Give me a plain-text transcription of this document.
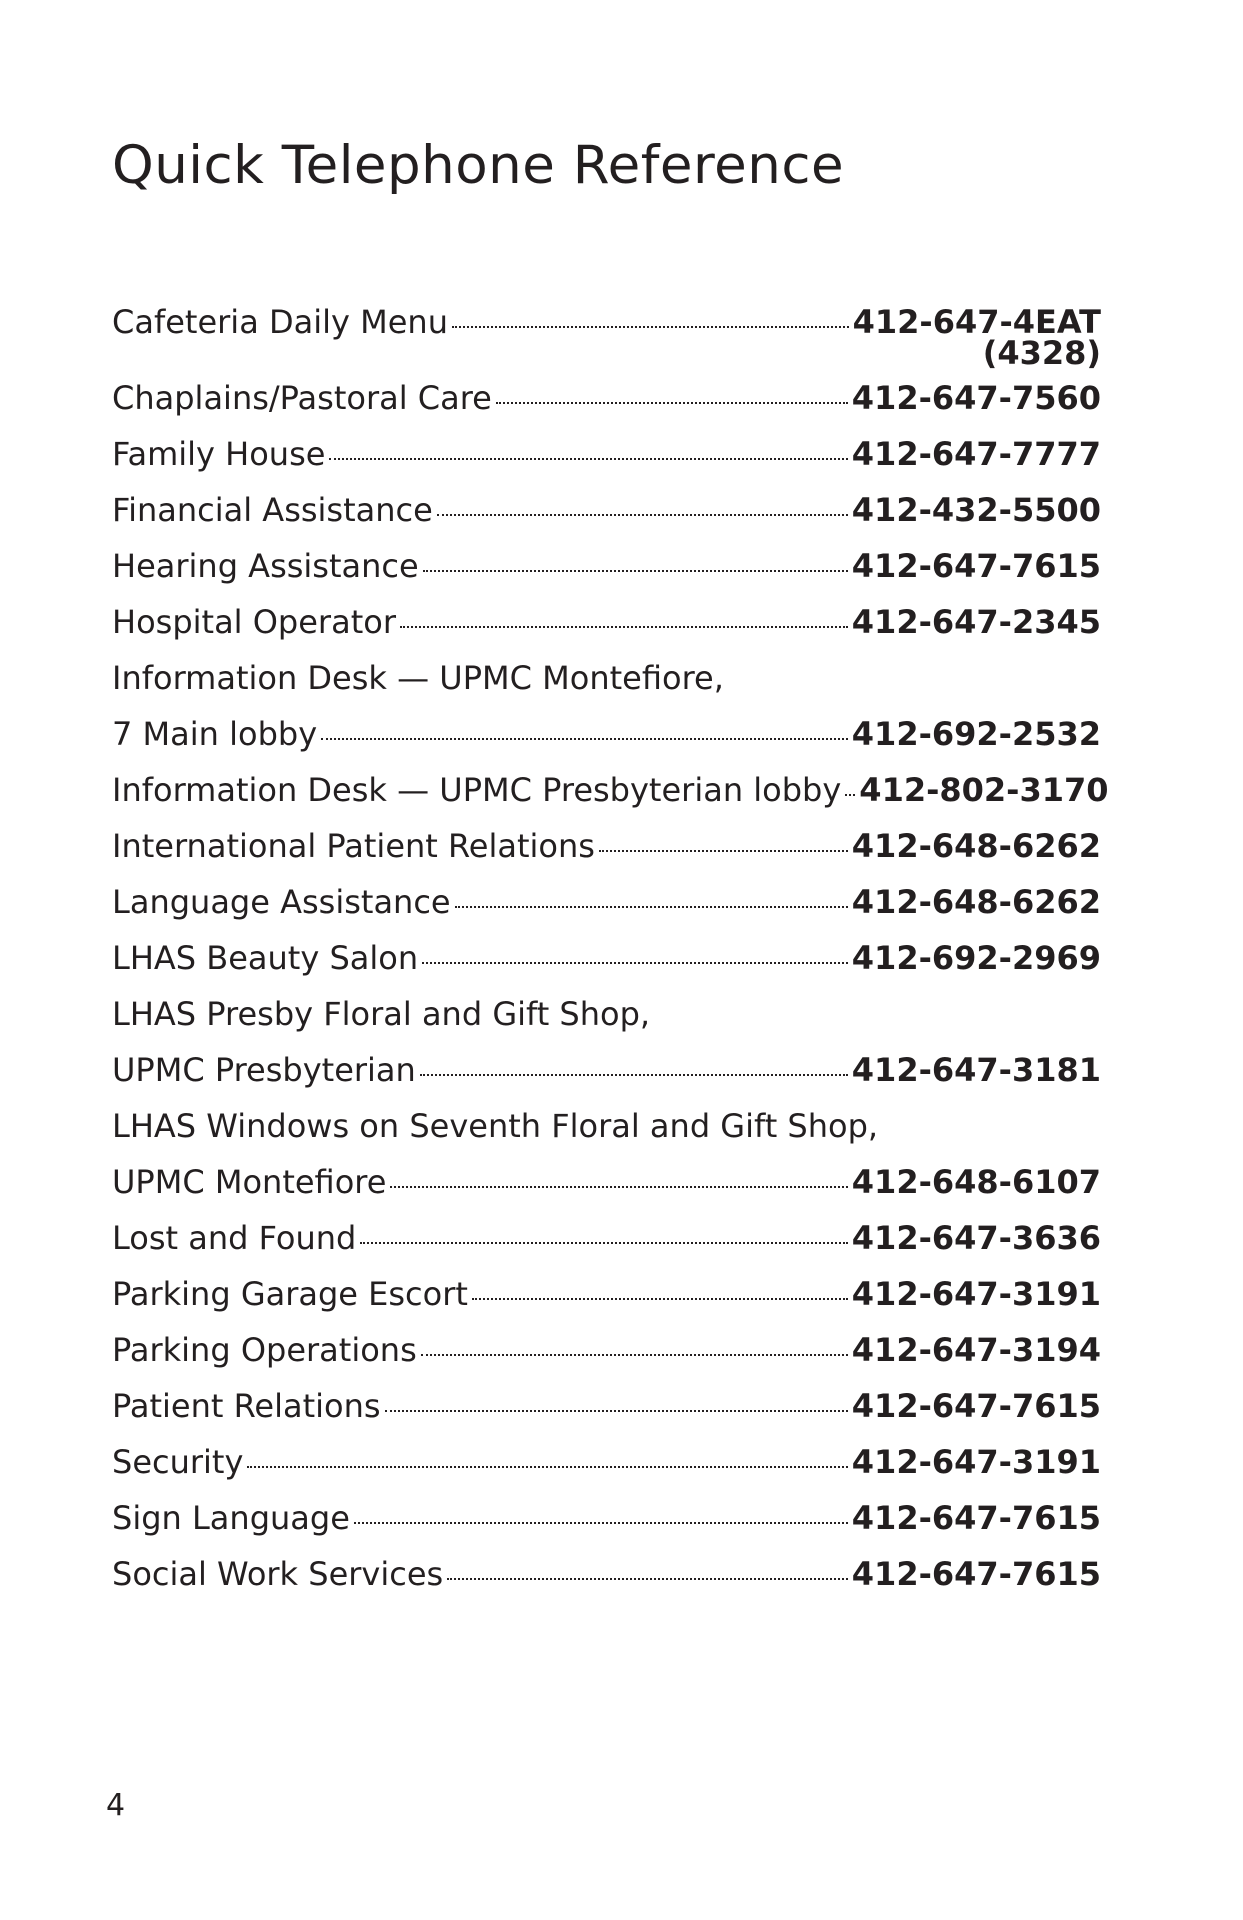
Quick Telephone Reference
Cafeteria Daily Menu	412-647-4EAT
(4328)
Chaplains/Pastoral Care	412-647-7560
Family House	412-647-7777
Financial Assistance	412-432-5500
Hearing Assistance	412-647-7615
Hospital Operator	412-647-2345
Information Desk — UPMC Montefiore,
7 Main lobby	412-692-2532
Information Desk — UPMC Presbyterian lobby 412-802-3170
International Patient Relations	412-648-6262
Language Assistance	412-648-6262
LHAS Beauty Salon	412-692-2969
LHAS Presby Floral and Gift Shop,
UPMC Presbyterian	412-647-3181
LHAS Windows on Seventh Floral and Gift Shop,
UPMC Montefiore	412-648-6107
Lost and Found	412-647-3636
Parking Garage Escort	412-647-3191
Parking Operations	412-647-3194
Patient Relations	412-647-7615
Security	412-647-3191
Sign Language	412-647-7615
Social Work Services	412-647-7615
4
